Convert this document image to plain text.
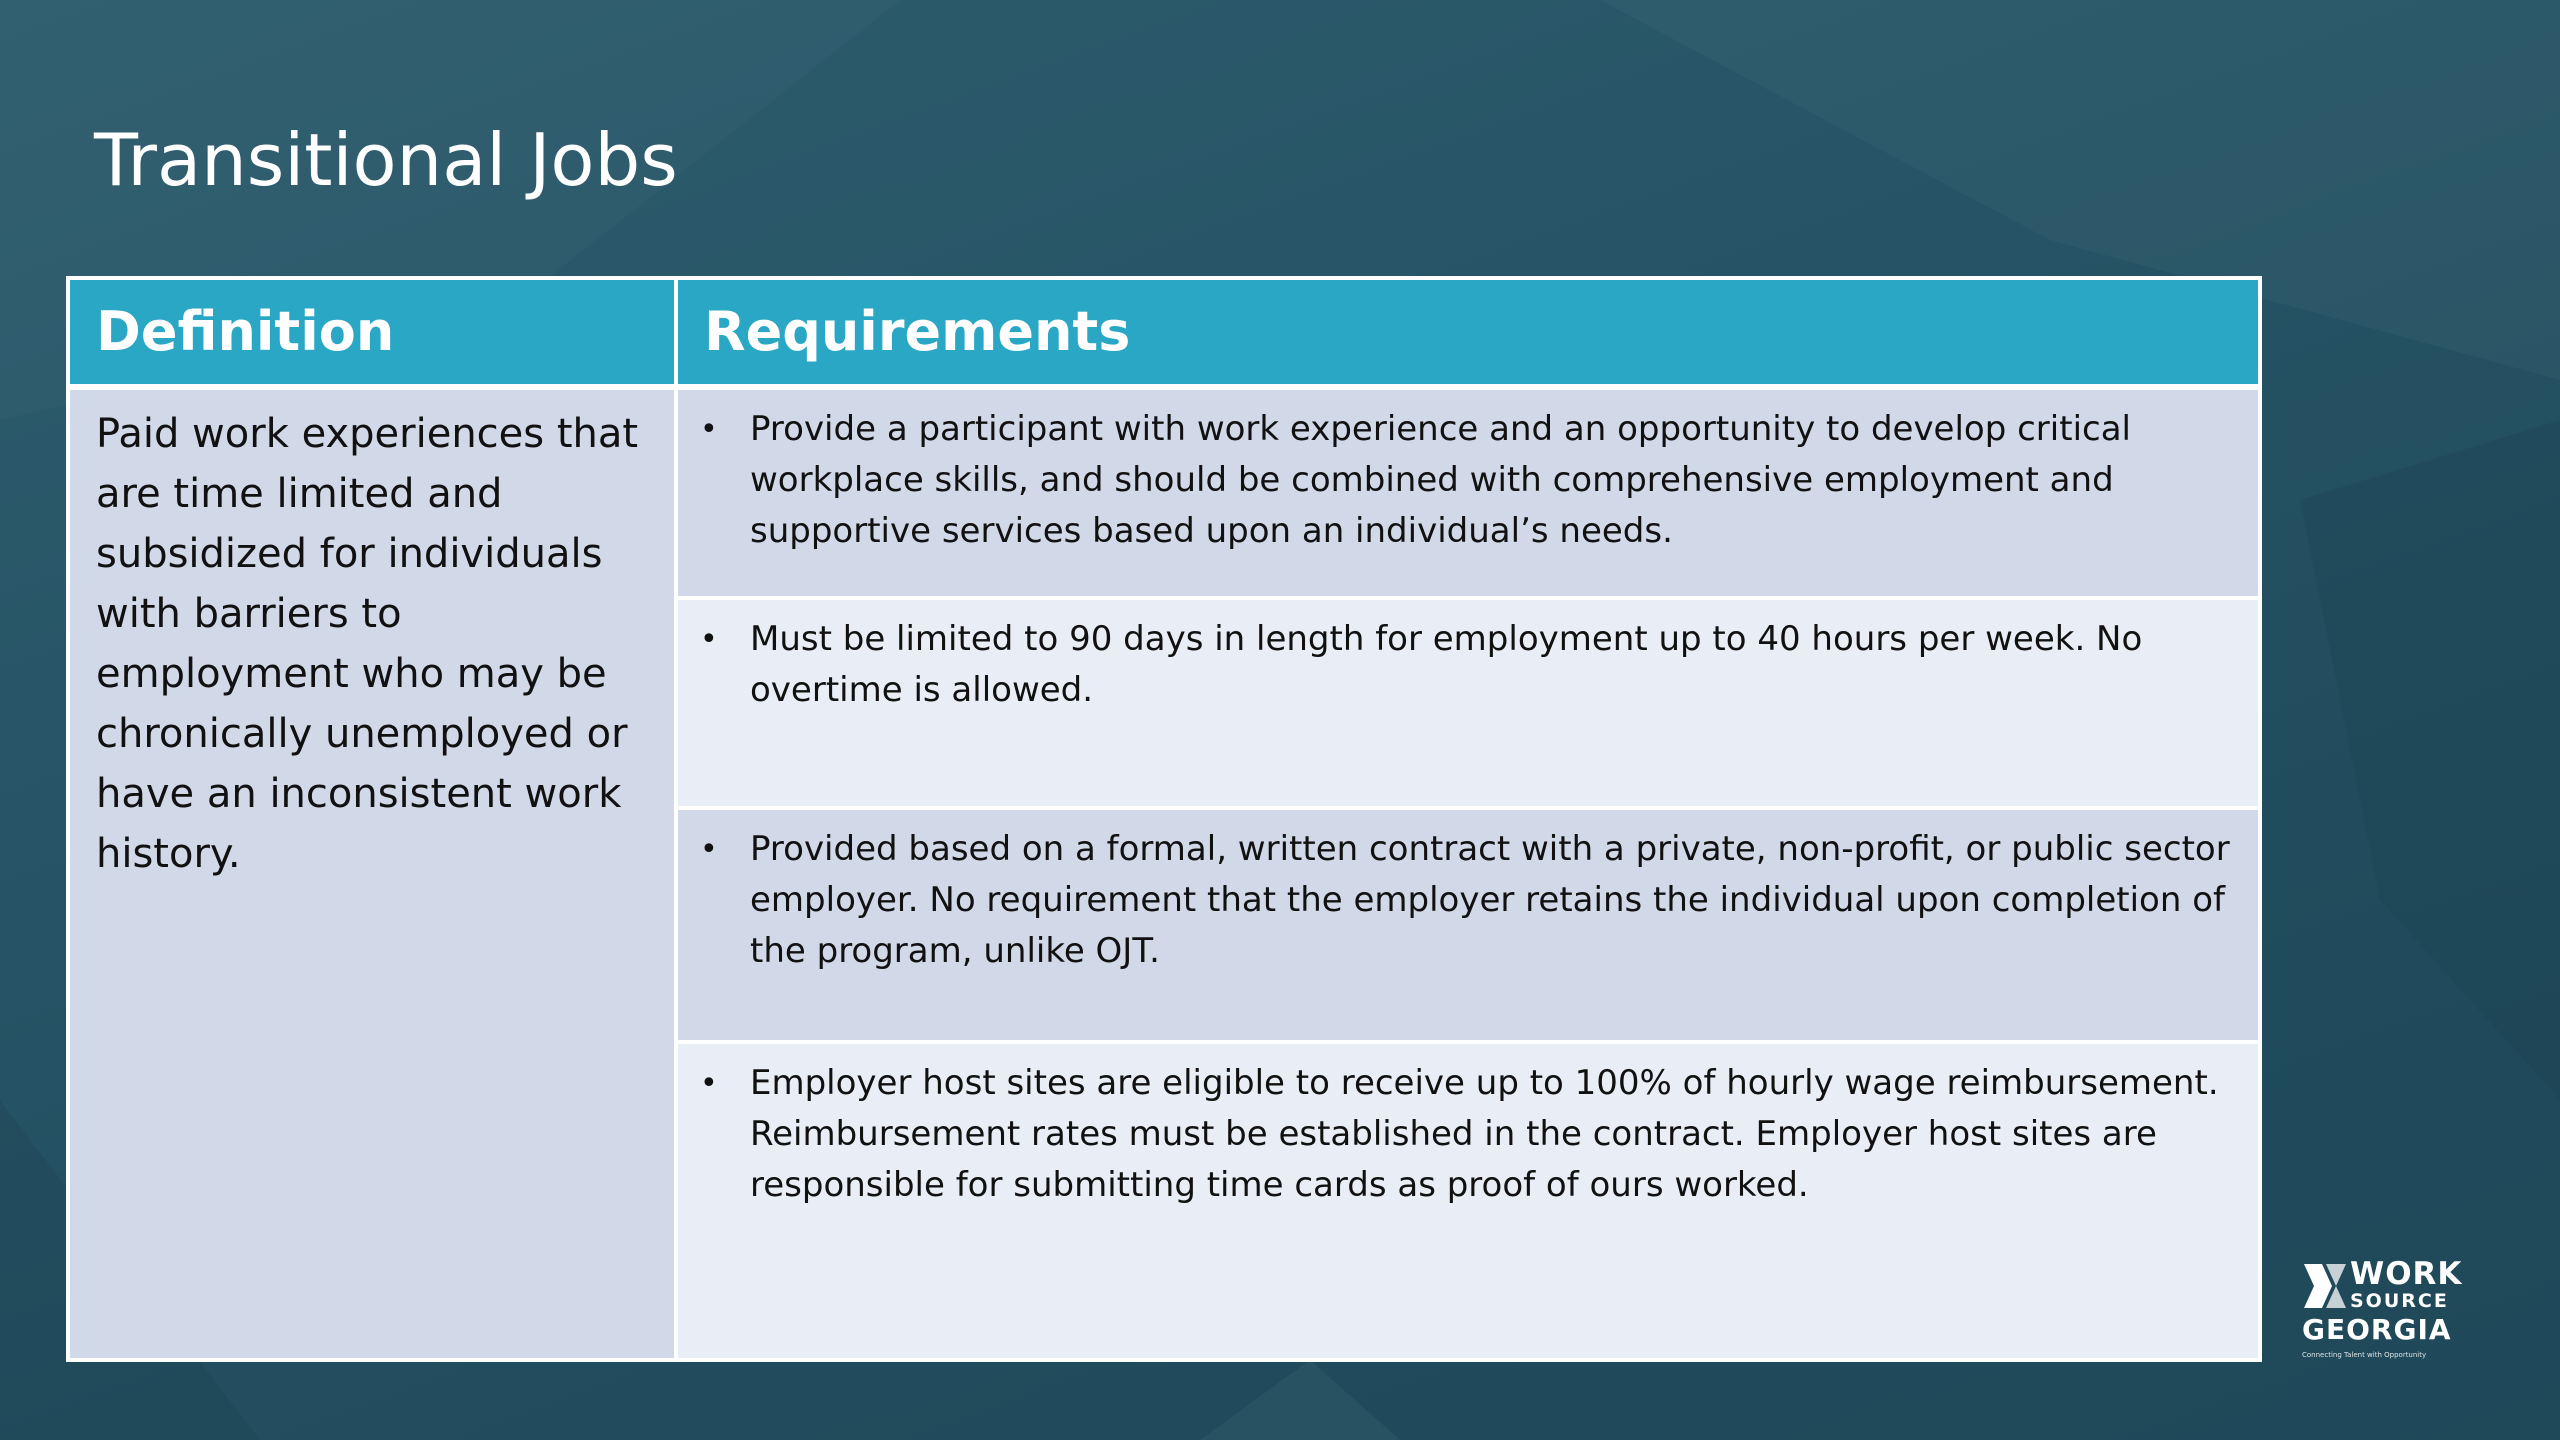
Transitional Jobs
Definition	Requirements
Paid work experiences that are time limited and subsidized for individuals with barriers to employment who may be chronically unemployed or have an inconsistent work history.
• Provide a participant with work experience and an opportunity to develop critical workplace skills, and should be combined with comprehensive employment and supportive services based upon an individual’s needs.
• Must be limited to 90 days in length for employment up to 40 hours per week. No overtime is allowed.
• Provided based on a formal, written contract with a private, non-profit, or public sector employer. No requirement that the employer retains the individual upon completion of the program, unlike OJT.
• Employer host sites are eligible to receive up to 100% of hourly wage reimbursement. Reimbursement rates must be established in the contract. Employer host sites are responsible for submitting time cards as proof of ours worked.
WORK
SOURCE
GEORGIA
Connecting Talent with Opportunity
